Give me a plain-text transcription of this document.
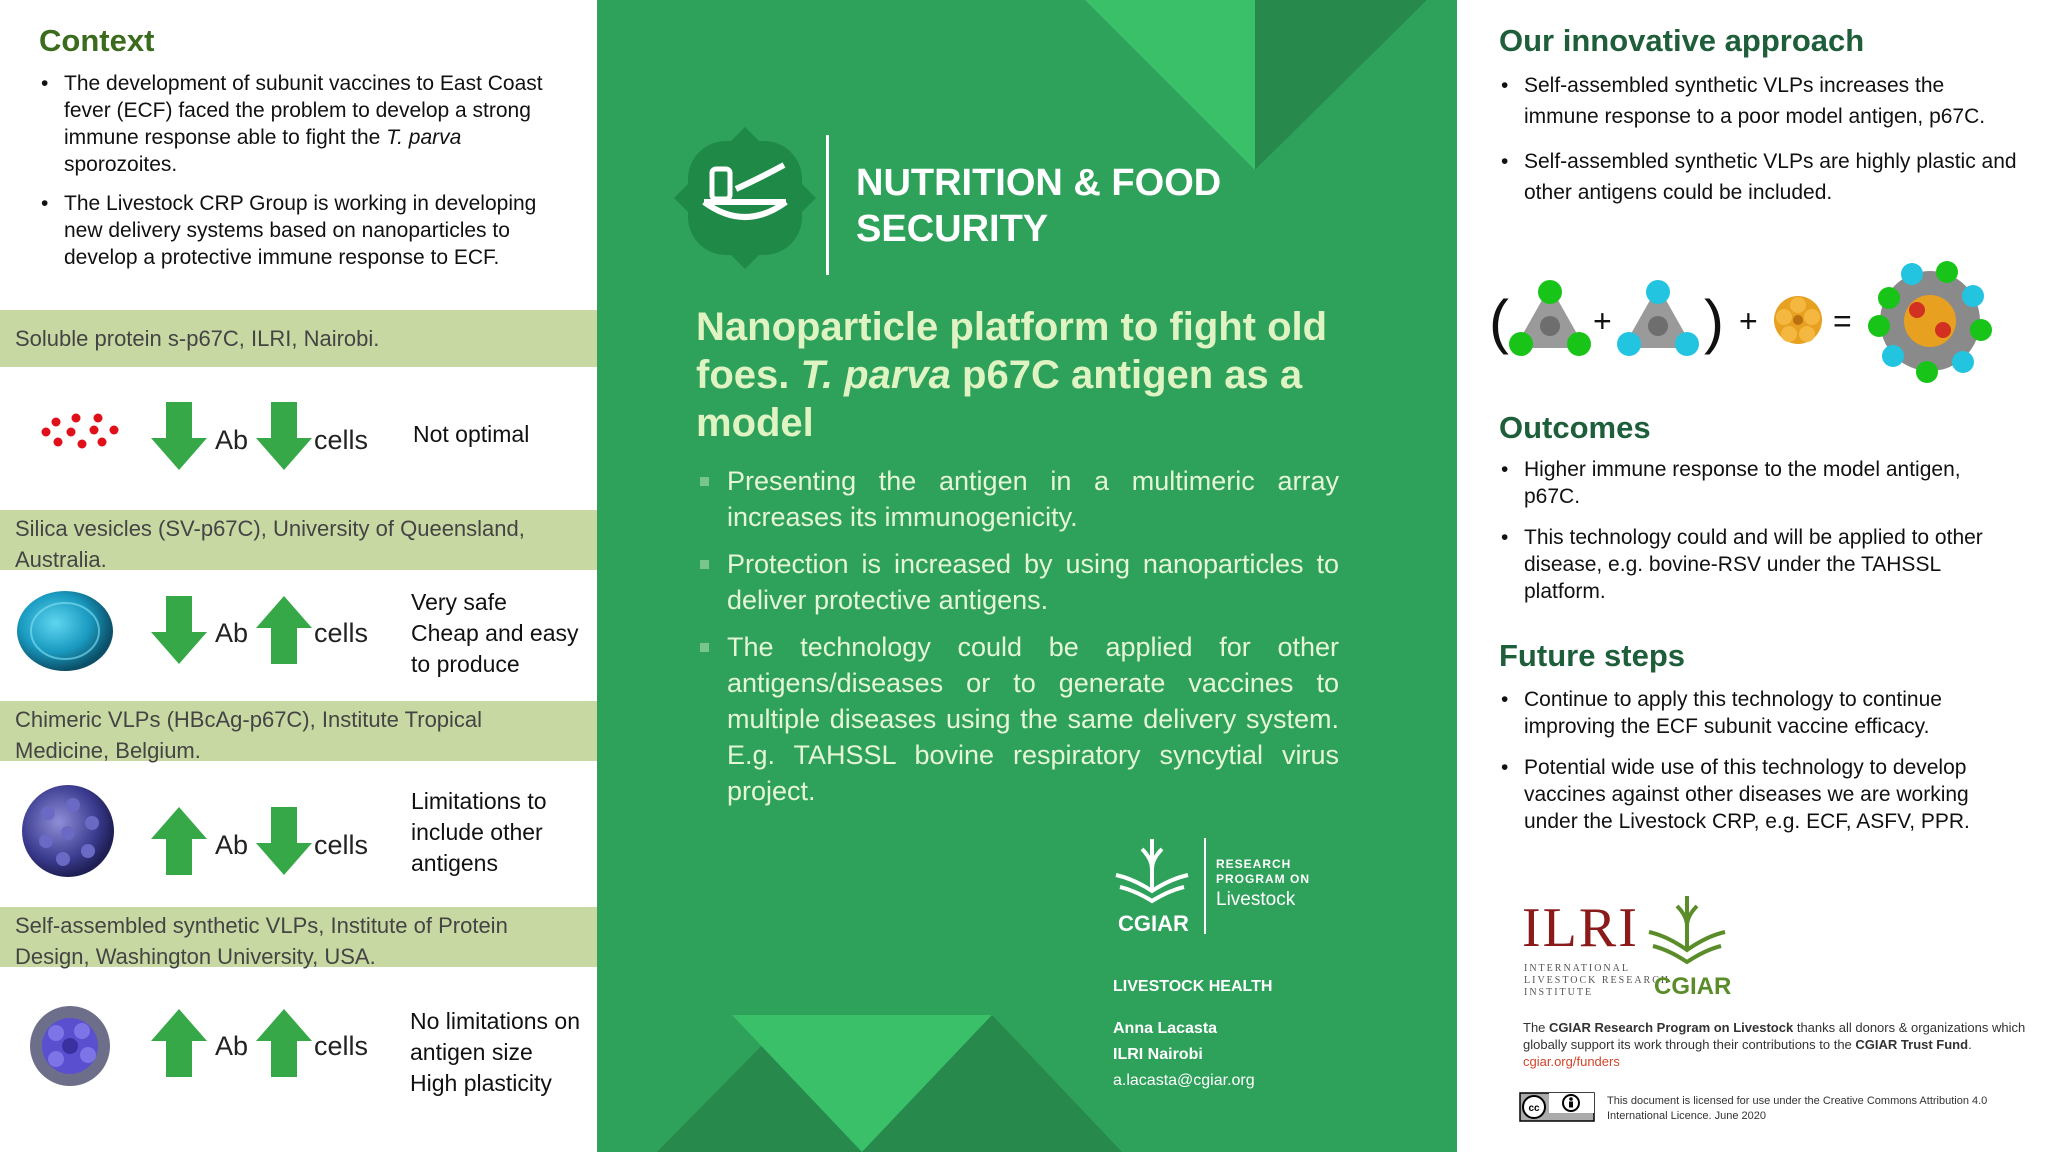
Context
• The development of subunit vaccines to East Coast fever (ECF) faced the problem to develop a strong immune response able to fight the T. parva sporozoites.
• The Livestock CRP Group is working in developing new delivery systems based on nanoparticles to develop a protective immune response to ECF.
Soluble protein s-p67C, ILRI, Nairobi.
Silica vesicles (SV-p67C), University of Queensland, Australia.
Chimeric VLPs (HBcAg-p67C), Institute Tropical Medicine, Belgium.
Self-assembled synthetic VLPs, Institute of Protein Design, Washington University, USA.
Ab cells Not optimal
Ab cells
Very safe
Cheap and easy to produce
Ab cells
Limitations to include other antigens
Ab cells
No limitations on antigen size
High plasticity
NUTRITION & FOOD
SECURITY
Nanoparticle platform to fight old foes. T. parva p67C antigen as a model
Presenting the antigen in a multimeric array increases its immunogenicity.
Protection is increased by using nanoparticles to deliver protective antigens.
The technology could be applied for other antigens/diseases or to generate vaccines to multiple diseases using the same delivery system. E.g. TAHSSL bovine respiratory syncytial virus project.
CGIAR
RESEARCH
PROGRAM ON
Livestock
LIVESTOCK HEALTH
Anna Lacasta
ILRI Nairobi
a.lacasta@cgiar.org
Our innovative approach
• Self-assembled synthetic VLPs increases the immune response to a poor model antigen, p67C.
• Self-assembled synthetic VLPs are highly plastic and other antigens could be included.
(	+ ) + =
Outcomes
• Higher immune response to the model antigen, p67C.
• This technology could and will be applied to other disease, e.g. bovine-RSV under the TAHSSL platform.
Future steps
• Continue to apply this technology to continue improving the ECF subunit vaccine efficacy.
• Potential wide use of this technology to develop vaccines against other diseases we are working under the Livestock CRP, e.g. ECF, ASFV, PPR.
ILRI
INTERNATIONAL
LIVESTOCK RESEARCH
INSTITUTE	CGIAR
The CGIAR Research Program on Livestock thanks all donors & organizations which globally support its work through their contributions to the CGIAR Trust Fund. cgiar.org/funders
cc
This document is licensed for use under the Creative Commons Attribution 4.0 International Licence. June 2020
